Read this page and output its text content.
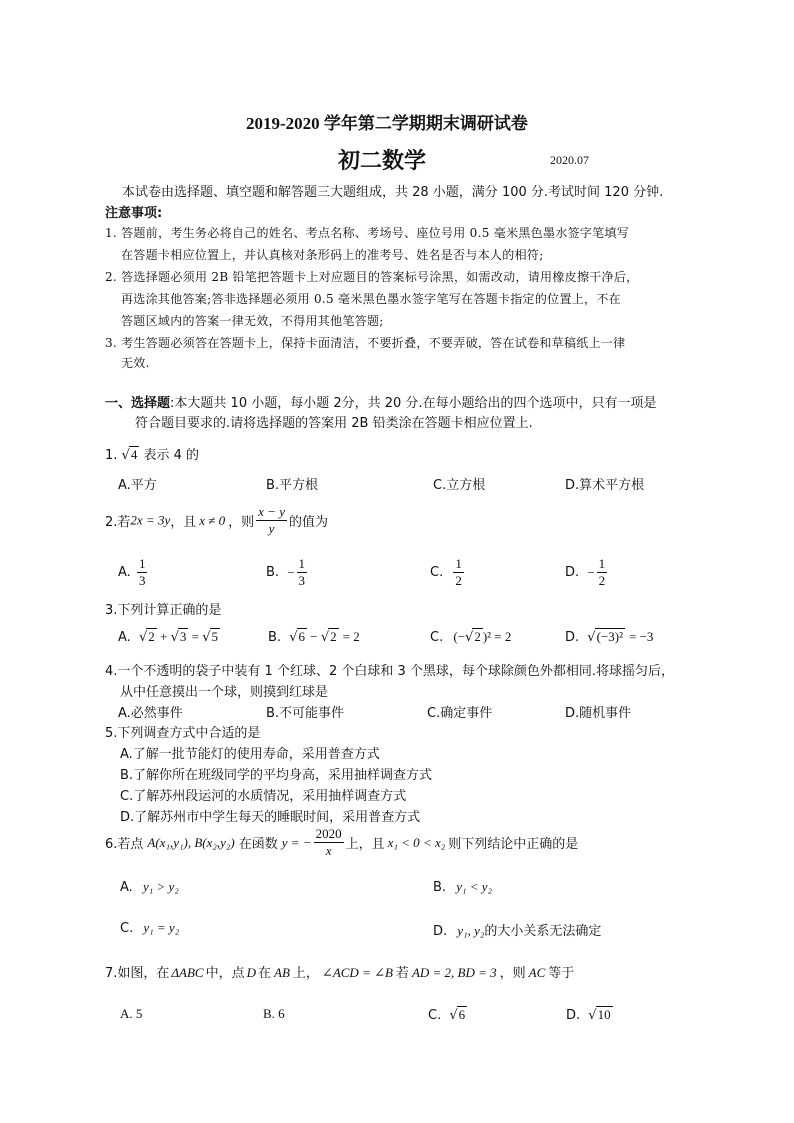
2019-2020 学年第二学期期末调研试卷
初二数学	2020.07
本试卷由选择题、填空题和解答题三大题组成，共 28 小题，满分 100 分.考试时间 120 分钟.
注意事项:
1. 答题前，考生务必将自己的姓名、考点名称、考场号、座位号用 0.5 毫米黑色墨水签字笔填写
在答题卡相应位置上，并认真核对条形码上的准考号、姓名是否与本人的相符;
2. 答选择题必须用 2B 铅笔把答题卡上对应题目的答案标号涂黑，如需改动，请用橡皮擦干净后，
再选涂其他答案;答非选择题必须用 0.5 毫米黑色墨水签字笔写在答题卡指定的位置上，不在
答题区域内的答案一律无效，不得用其他笔答题;
3. 考生答题必须答在答题卡上，保持卡面清洁，不要折叠，不要弄破，答在试卷和草稿纸上一律
无效.
一、选择题:本大题共 10 小题，每小题 2分，共 20 分.在每小题给出的四个选项中，只有一项是
符合题目要求的.请将选择题的答案用 2B 铅类涂在答题卡相应位置上.
1. √4 表示 4 的
A.平方	B.平方根	C.立方根	D.算术平方根
2.若2x = 3y，且 x ≠ 0 ，则 $\frac{x - y}{y}$ 的值为
A. $\frac{1}{3}$	B. − $\frac{1}{3}$	C. $\frac{1}{2}$	D. − $\frac{1}{2}$
3.下列计算正确的是
A. √2 + √3 = √5	B. √6 − √2 = 2	C. (−√2 )² = 2	D. √(−3)² = −3
4.一个不透明的袋子中装有 1 个红球、2 个白球和 3 个黑球，每个球除颜色外都相同.将球摇匀后，
从中任意摸出一个球，则摸到红球是
A.必然事件	B.不可能事件	C.确定事件	D.随机事件
5.下列调查方式中合适的是
A.了解一批节能灯的使用寿命，采用普查方式
B.了解你所在班级同学的平均身高，采用抽样调查方式
C.了解苏州段运河的水质情况，采用抽样调查方式
D.了解苏州市中学生每天的睡眠时间，采用普查方式
6.若点 A(x₁,y₁), B(x₂,y₂) 在函数 y = − $\frac{2020}{x}$ 上，且 x₁ < 0 < x₂ 则下列结论中正确的是
A. y₁ > y₂	B. y₁ < y₂
C. y₁ = y₂	D. y₁, y₂的大小关系无法确定
7.如图，在 ΔABC 中，点 D 在 AB 上， ∠ACD = ∠B 若 AD = 2, BD = 3 ，则 AC 等于
A. 5	B. 6	C. √6	D. √10
